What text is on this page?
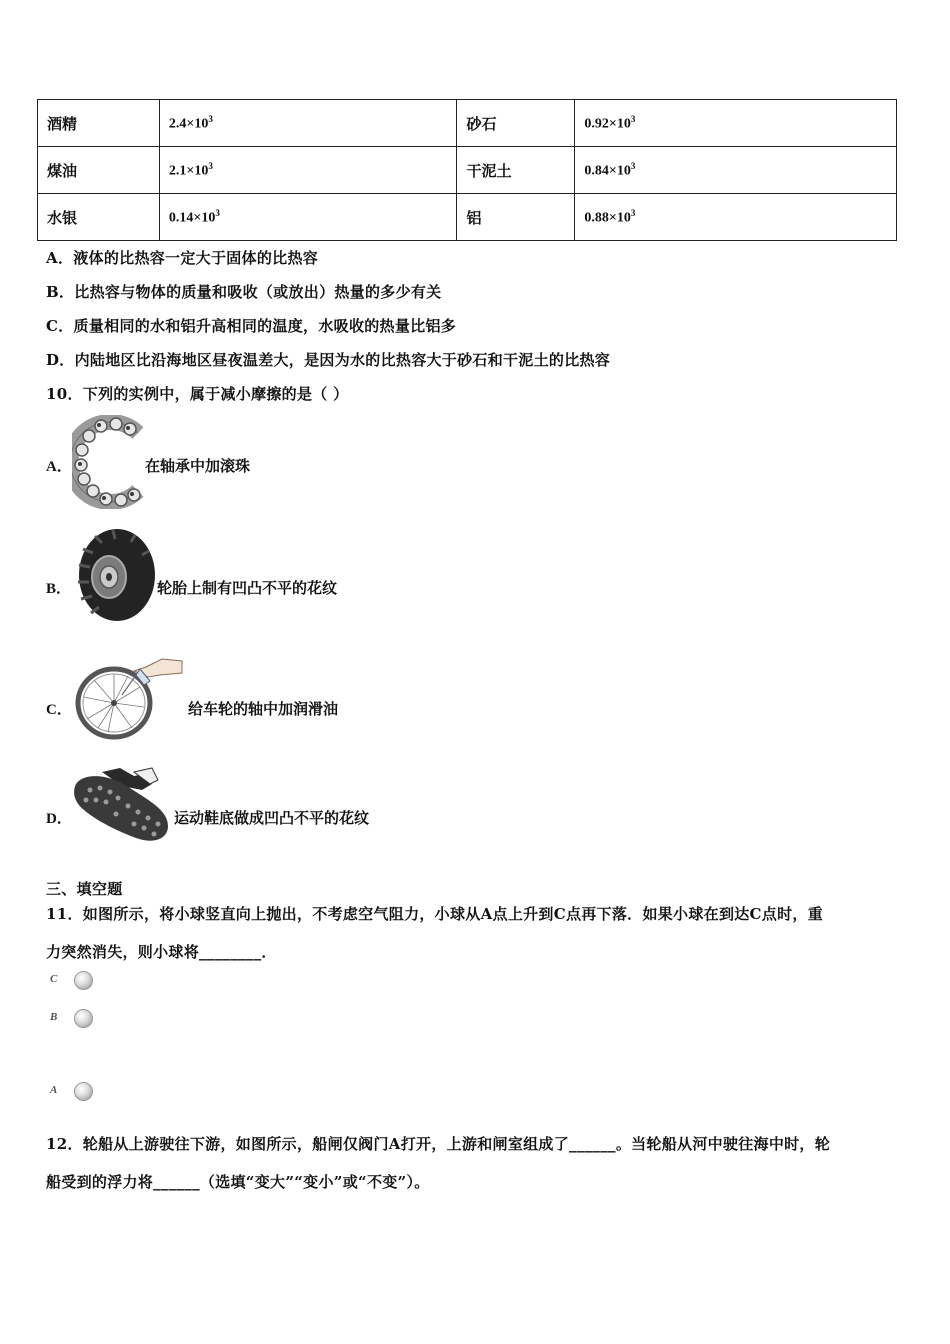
酒精	$2.4\times 10^3$	砂石	$0.92\times 10^3$
煤油	$2.1\times 10^3$	干泥土	$0.84\times 10^3$
水银	$0.14\times 10^3$	铝	$0.88\times 10^3$
A．液体的比热容一定大于固体的比热容
B．比热容与物体的质量和吸收（或放出）热量的多少有关
C．质量相同的水和铝升高相同的温度，水吸收的热量比铝多
D．内陆地区比沿海地区昼夜温差大，是因为水的比热容大于砂石和干泥土的比热容
10．下列的实例中，属于减小摩擦的是（ ）
A．	在轴承中加滚珠
B．	轮胎上制有凹凸不平的花纹
C．	给车轮的轴中加润滑油
D．	运动鞋底做成凹凸不平的花纹
三、填空题
11．如图所示，将小球竖直向上抛出，不考虑空气阻力，小球从A点上升到C点再下落．如果小球在到达C点时，重
力突然消失，则小球将________．
C
B
A
12．轮船从上游驶往下游，如图所示，船闸仅阀门A打开，上游和闸室组成了______。当轮船从河中驶往海中时，轮
船受到的浮力将______（选填“变大”“变小”或“不变”）。
